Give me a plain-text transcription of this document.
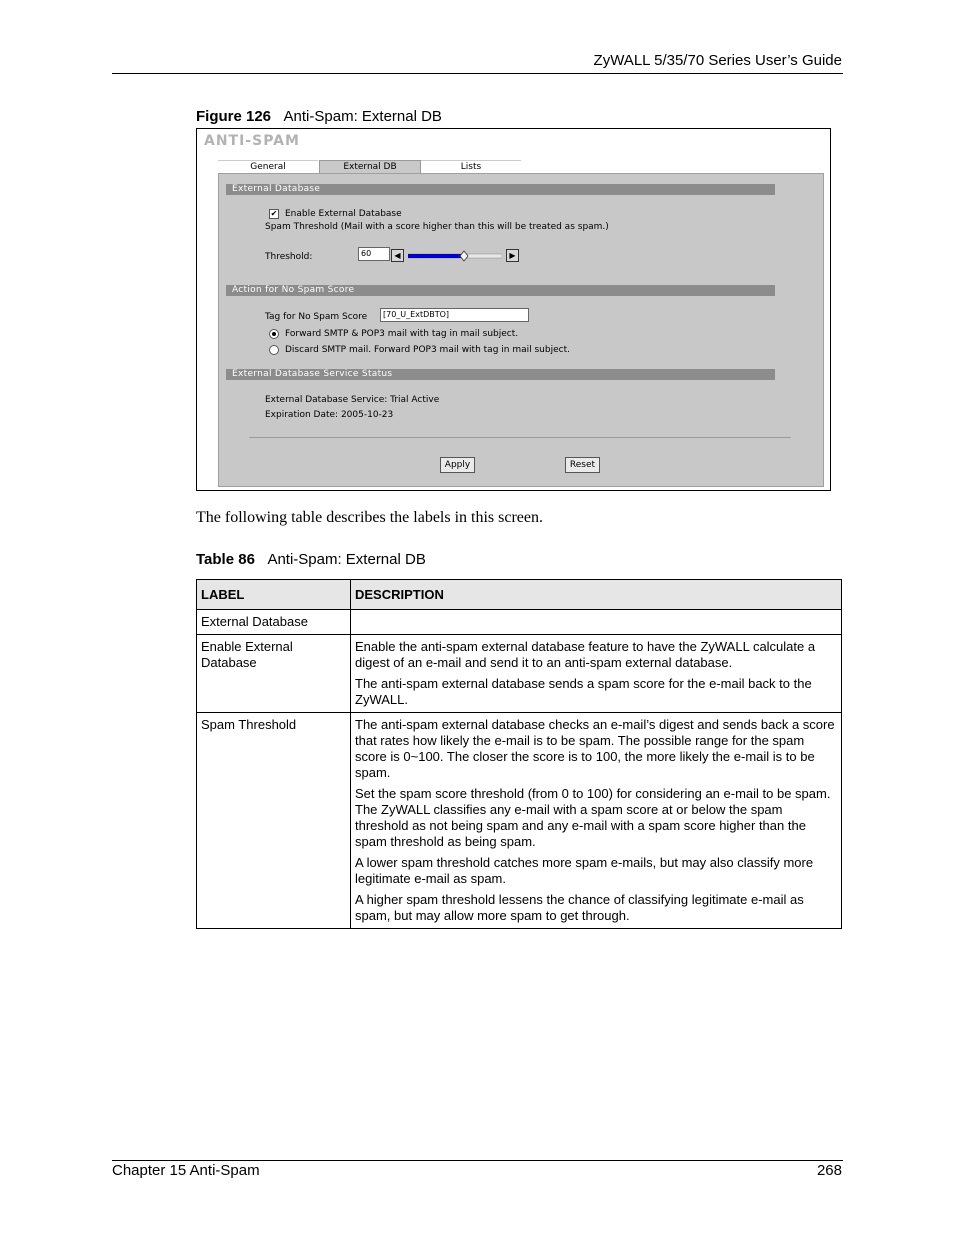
ZyWALL 5/35/70 Series User’s Guide
Figure 126 Anti-Spam: External DB
ANTI-SPAM
General	External DB	Lists
External Database
✔ Enable External Database
Spam Threshold (Mail with a score higher than this will be treated as spam.)
Threshold:	60	◀	▶
Action for No Spam Score
Tag for No Spam Score	[70_U_ExtDBTO]
Forward SMTP & POP3 mail with tag in mail subject.
Discard SMTP mail. Forward POP3 mail with tag in mail subject.
External Database Service Status
External Database Service: Trial Active
Expiration Date: 2005-10-23
Apply	Reset
The following table describes the labels in this screen.
Table 86 Anti-Spam: External DB
LABEL	DESCRIPTION
External Database	
Enable External Database	Enable the anti-spam external database feature to have the ZyWALL calculate a digest of an e-mail and send it to an anti-spam external database.

The anti-spam external database sends a spam score for the e-mail back to the ZyWALL.

Spam Threshold	The anti-spam external database checks an e-mail’s digest and sends back a score that rates how likely the e-mail is to be spam. The possible range for the spam score is 0~100. The closer the score is to 100, the more likely the e-mail is to be spam.

Set the spam score threshold (from 0 to 100) for considering an e-mail to be spam. The ZyWALL classifies any e-mail with a spam score at or below the spam threshold as not being spam and any e-mail with a spam score higher than the spam threshold as being spam.

A lower spam threshold catches more spam e-mails, but may also classify more legitimate e-mail as spam.

A higher spam threshold lessens the chance of classifying legitimate e-mail as spam, but may allow more spam to get through.

Chapter 15 Anti-Spam	268
